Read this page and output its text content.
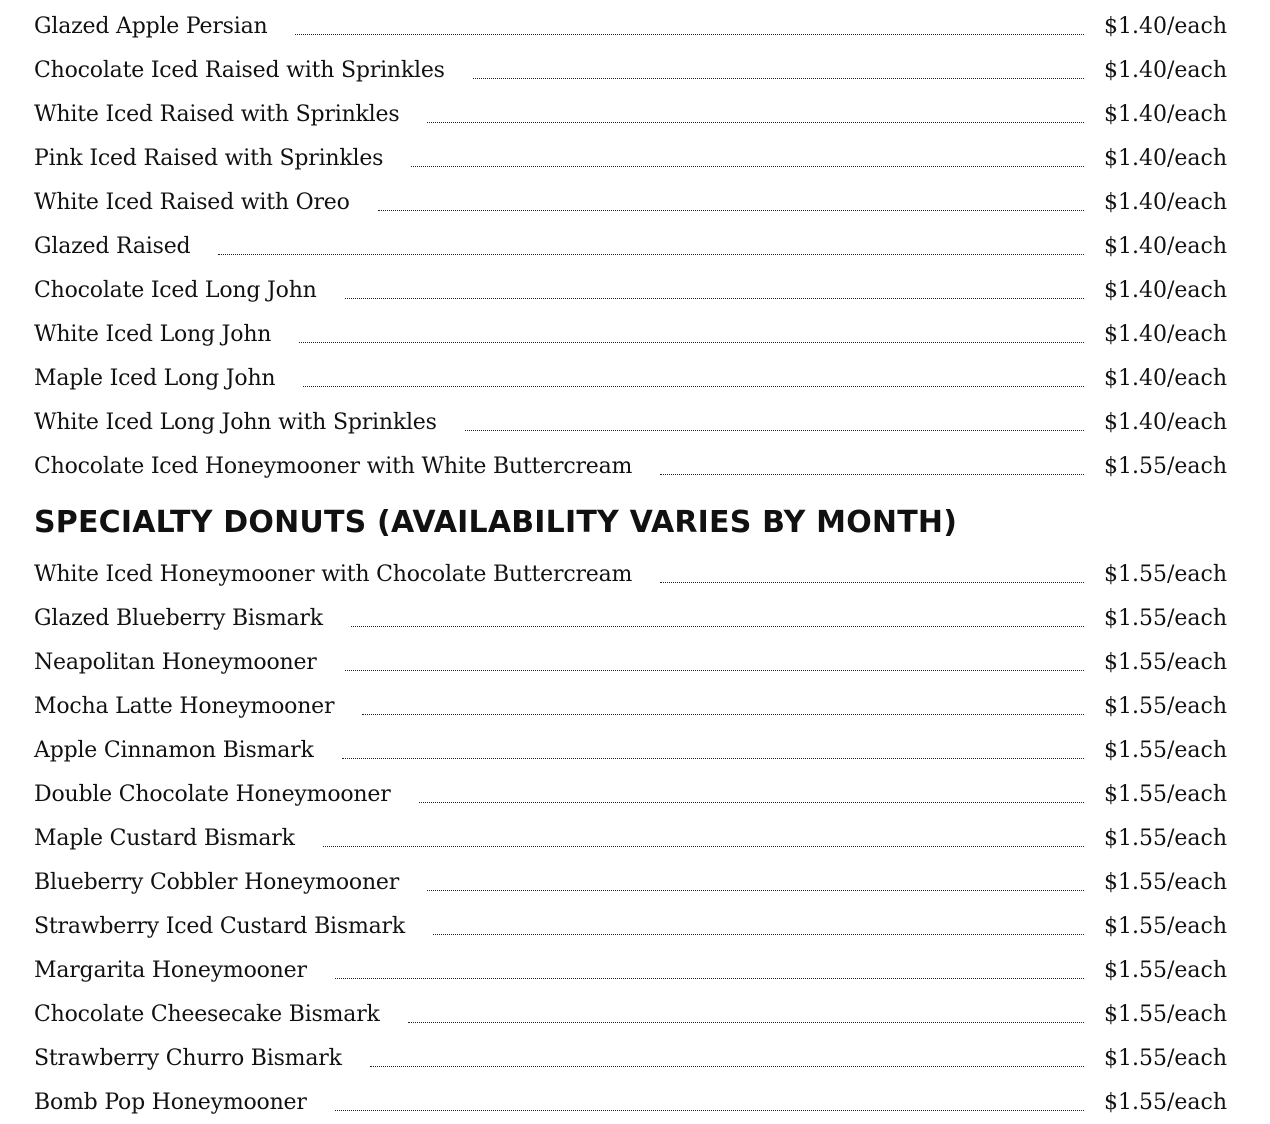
Glazed Apple Persian	$1.40/each
Chocolate Iced Raised with Sprinkles	$1.40/each
White Iced Raised with Sprinkles	$1.40/each
Pink Iced Raised with Sprinkles	$1.40/each
White Iced Raised with Oreo	$1.40/each
Glazed Raised	$1.40/each
Chocolate Iced Long John	$1.40/each
White Iced Long John	$1.40/each
Maple Iced Long John	$1.40/each
White Iced Long John with Sprinkles	$1.40/each
Chocolate Iced Honeymooner with White Buttercream	$1.55/each
SPECIALTY DONUTS (AVAILABILITY VARIES BY MONTH)
White Iced Honeymooner with Chocolate Buttercream	$1.55/each
Glazed Blueberry Bismark	$1.55/each
Neapolitan Honeymooner	$1.55/each
Mocha Latte Honeymooner	$1.55/each
Apple Cinnamon Bismark	$1.55/each
Double Chocolate Honeymooner	$1.55/each
Maple Custard Bismark	$1.55/each
Blueberry Cobbler Honeymooner	$1.55/each
Strawberry Iced Custard Bismark	$1.55/each
Margarita Honeymooner	$1.55/each
Chocolate Cheesecake Bismark	$1.55/each
Strawberry Churro Bismark	$1.55/each
Bomb Pop Honeymooner	$1.55/each
